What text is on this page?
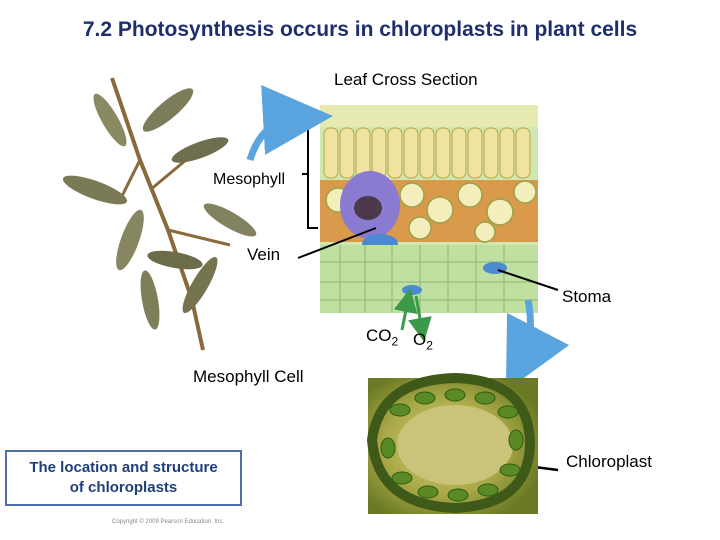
7.2 Photosynthesis occurs in chloroplasts in plant cells
Leaf Cross Section
Mesophyll
Vein
Stoma
$CO_2$ $O_2$
Mesophyll Cell
Chloroplast
The location and structure
of chloroplasts
Copyright © 2009 Pearson Education, Inc.
